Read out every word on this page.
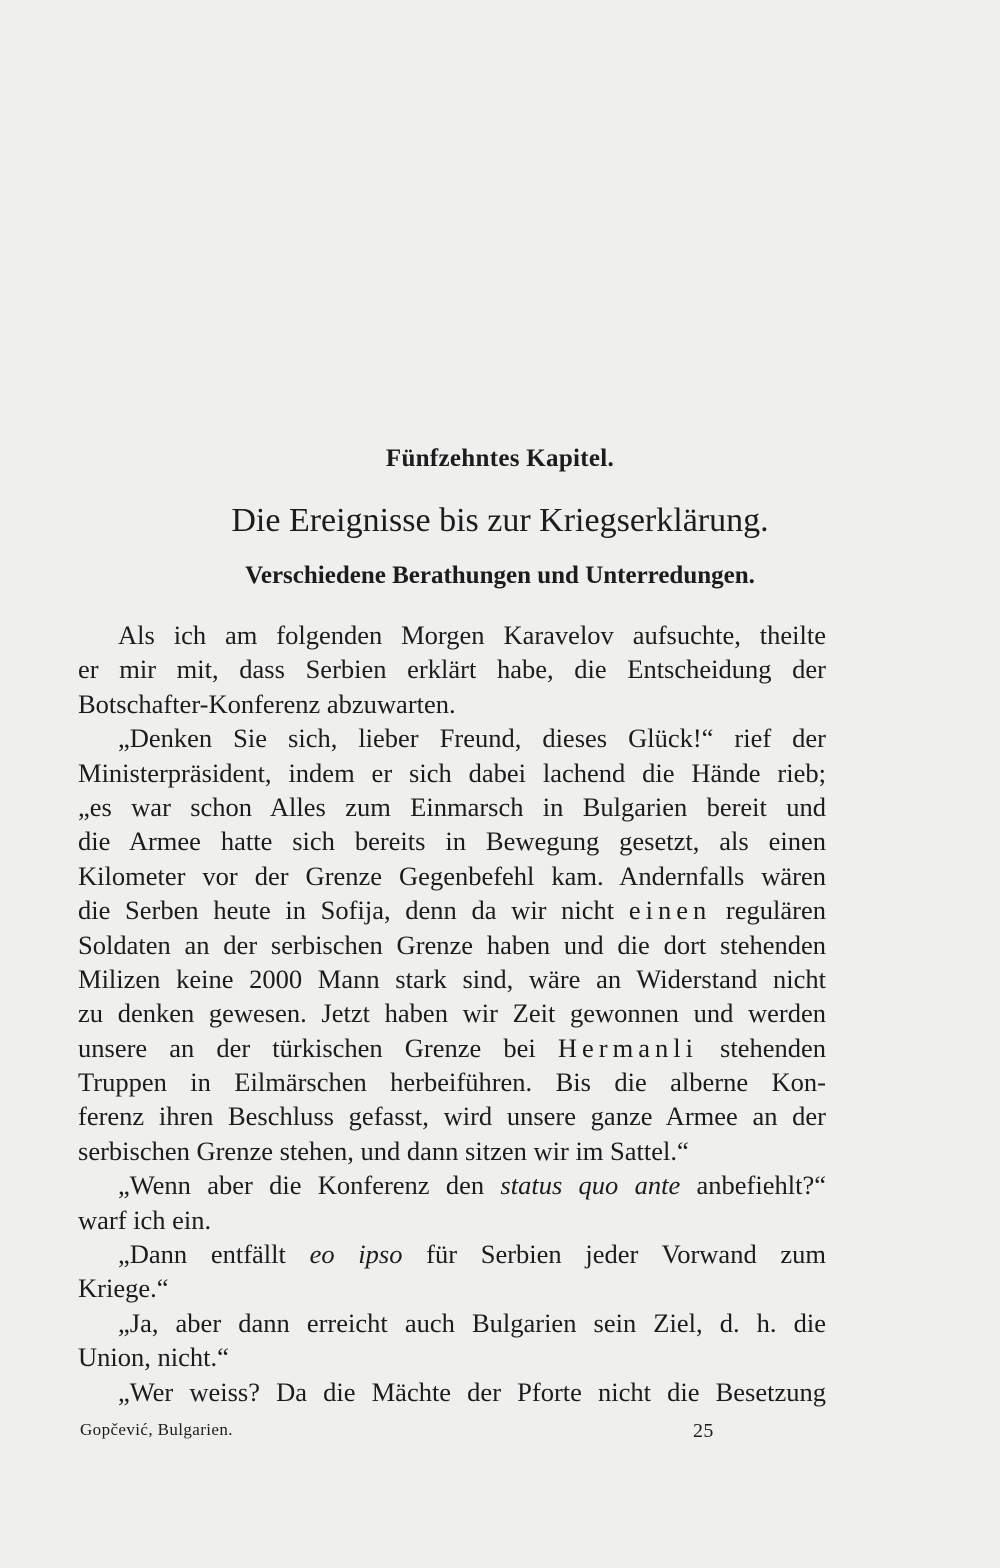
Fünfzehntes Kapitel.
Die Ereignisse bis zur Kriegserklärung.
Verschiedene Berathungen und Unterredungen.
Als ich am folgenden Morgen Karavelov aufsuchte, theilte
er mir mit, dass Serbien erklärt habe, die Entscheidung der
Botschafter-Konferenz abzuwarten.
„Denken Sie sich, lieber Freund, dieses Glück!“ rief der
Ministerpräsident, indem er sich dabei lachend die Hände rieb;
„es war schon Alles zum Einmarsch in Bulgarien bereit und
die Armee hatte sich bereits in Bewegung gesetzt, als einen
Kilometer vor der Grenze Gegenbefehl kam. Andernfalls wären
die Serben heute in Sofija, denn da wir nicht einen regulären
Soldaten an der serbischen Grenze haben und die dort stehenden
Milizen keine 2000 Mann stark sind, wäre an Widerstand nicht
zu denken gewesen. Jetzt haben wir Zeit gewonnen und werden
unsere an der türkischen Grenze bei Hermanli stehenden
Truppen in Eilmärschen herbeiführen. Bis die alberne Kon-
ferenz ihren Beschluss gefasst, wird unsere ganze Armee an der
serbischen Grenze stehen, und dann sitzen wir im Sattel.“
„Wenn aber die Konferenz den status quo ante anbefiehlt?“
warf ich ein.
„Dann entfällt eo ipso für Serbien jeder Vorwand zum
Kriege.“
„Ja, aber dann erreicht auch Bulgarien sein Ziel, d. h. die
Union, nicht.“
„Wer weiss? Da die Mächte der Pforte nicht die Besetzung
Gopčević, Bulgarien.	25
